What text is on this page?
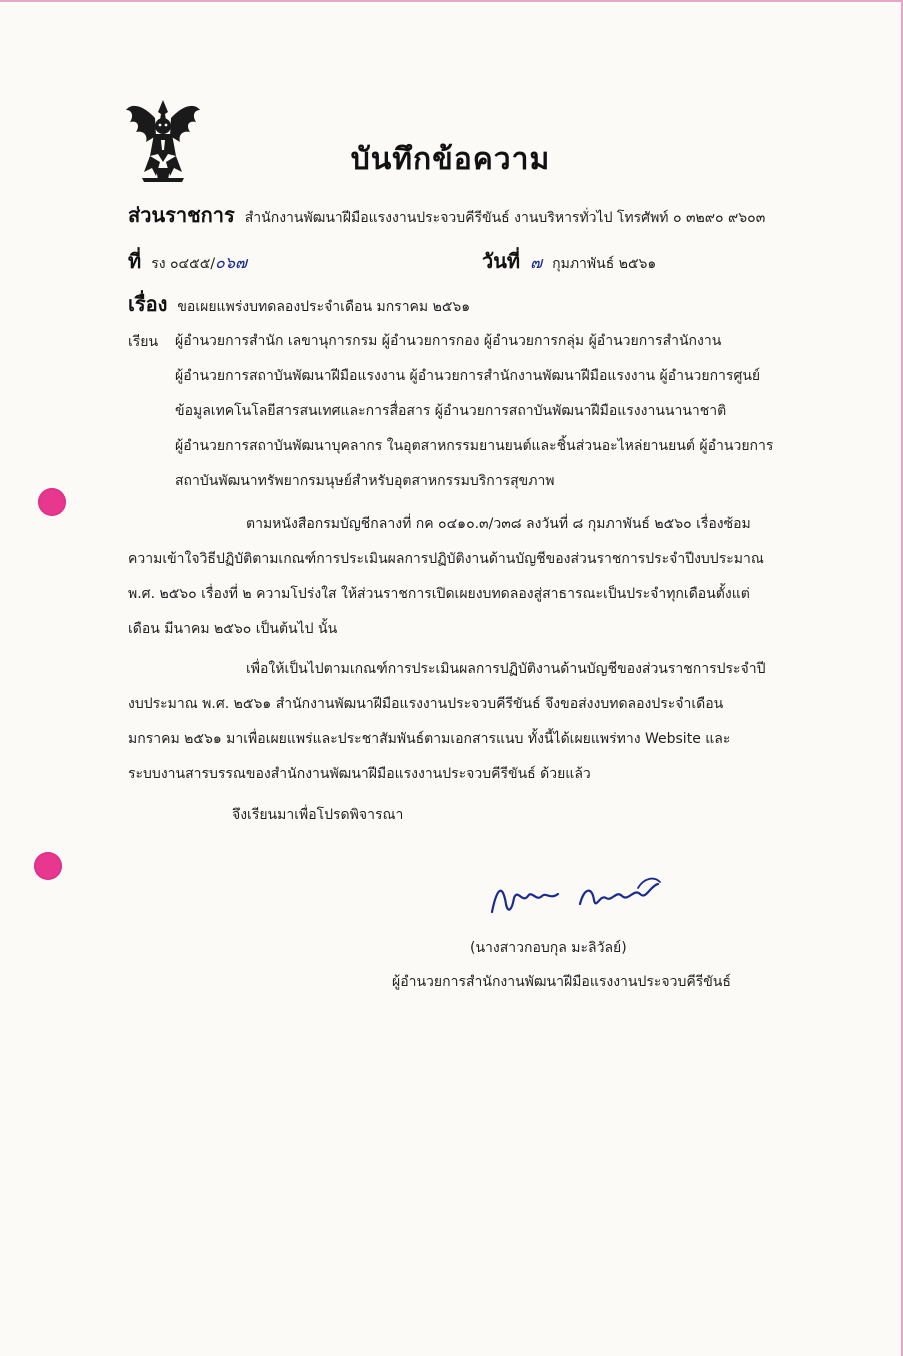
บันทึกข้อความ
ส่วนราชการ สำนักงานพัฒนาฝีมือแรงงานประจวบคีรีขันธ์ งานบริหารทั่วไป โทรศัพท์ ๐ ๓๒๙๐ ๙๖๐๓
ที่ รง ๐๔๕๕/๐๖๗	วันที่ ๗ กุมภาพันธ์ ๒๕๖๑
เรื่อง ขอเผยแพร่งบทดลองประจำเดือน มกราคม ๒๕๖๑
เรียน ผู้อำนวยการสำนัก เลขานุการกรม ผู้อำนวยการกอง ผู้อำนวยการกลุ่ม ผู้อำนวยการสำนักงาน
ผู้อำนวยการสถาบันพัฒนาฝีมือแรงงาน ผู้อำนวยการสำนักงานพัฒนาฝีมือแรงงาน ผู้อำนวยการศูนย์
ข้อมูลเทคโนโลยีสารสนเทศและการสื่อสาร ผู้อำนวยการสถาบันพัฒนาฝีมือแรงงานนานาชาติ
ผู้อำนวยการสถาบันพัฒนาบุคลากร ในอุตสาหกรรมยานยนต์และชิ้นส่วนอะไหล่ยานยนต์ ผู้อำนวยการ
สถาบันพัฒนาทรัพยากรมนุษย์สำหรับอุตสาหกรรมบริการสุขภาพ
ตามหนังสือกรมบัญชีกลางที่ กค ๐๔๑๐.๓/ว๓๘ ลงวันที่ ๘ กุมภาพันธ์ ๒๕๖๐ เรื่องซ้อม
ความเข้าใจวิธีปฏิบัติตามเกณฑ์การประเมินผลการปฏิบัติงานด้านบัญชีของส่วนราชการประจำปีงบประมาณ
พ.ศ. ๒๕๖๐ เรื่องที่ ๒ ความโปร่งใส ให้ส่วนราชการเปิดเผยงบทดลองสู่สาธารณะเป็นประจำทุกเดือนตั้งแต่
เดือน มีนาคม ๒๕๖๐ เป็นต้นไป นั้น
เพื่อให้เป็นไปตามเกณฑ์การประเมินผลการปฏิบัติงานด้านบัญชีของส่วนราชการประจำปี
งบประมาณ พ.ศ. ๒๕๖๑ สำนักงานพัฒนาฝีมือแรงงานประจวบคีรีขันธ์ จึงขอส่งงบทดลองประจำเดือน
มกราคม ๒๕๖๑ มาเพื่อเผยแพร่และประชาสัมพันธ์ตามเอกสารแนบ ทั้งนี้ได้เผยแพร่ทาง Website และ
ระบบงานสารบรรณของสำนักงานพัฒนาฝีมือแรงงานประจวบคีรีขันธ์ ด้วยแล้ว
จึงเรียนมาเพื่อโปรดพิจารณา
(นางสาวกอบกุล มะลิวัลย์)
ผู้อำนวยการสำนักงานพัฒนาฝีมือแรงงานประจวบคีรีขันธ์
